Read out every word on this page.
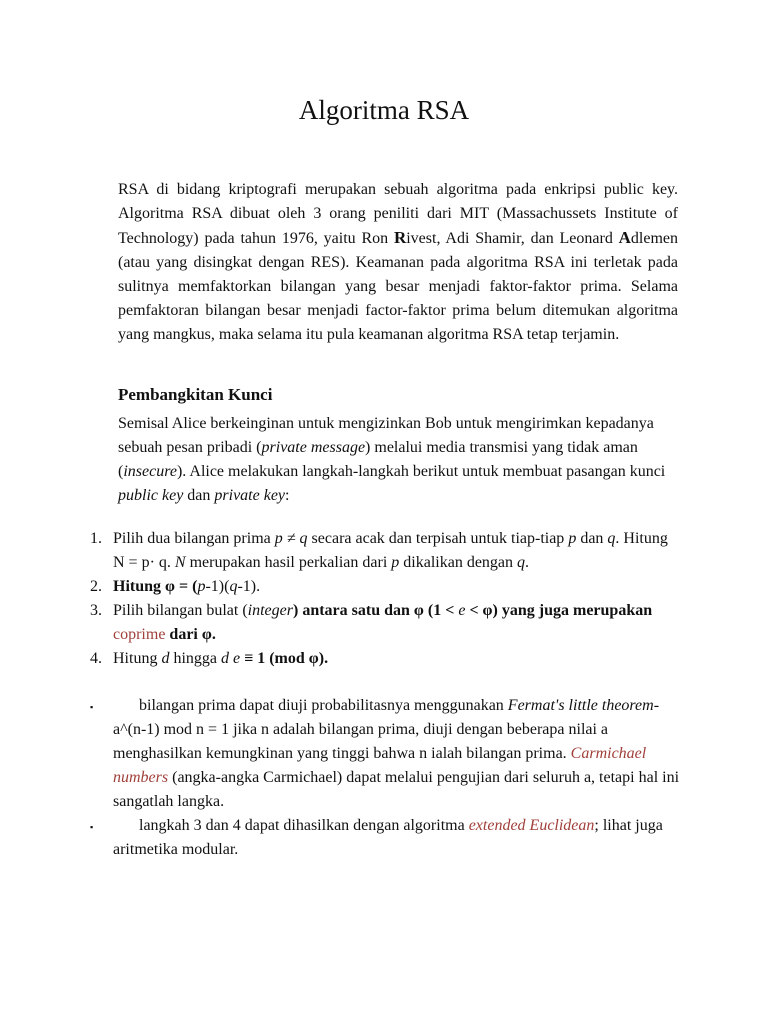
Algoritma RSA

RSA di bidang kriptografi merupakan sebuah algoritma pada enkripsi public key. Algoritma RSA dibuat oleh 3 orang peniliti dari MIT (Massachussets Institute of Technology) pada tahun 1976, yaitu Ron Rivest, Adi Shamir, dan Leonard Adlemen (atau yang disingkat dengan RES). Keamanan pada algoritma RSA ini terletak pada sulitnya memfaktorkan bilangan yang besar menjadi faktor-faktor prima. Selama pemfaktoran bilangan besar menjadi factor-faktor prima belum ditemukan algoritma yang mangkus, maka selama itu pula keamanan algoritma RSA tetap terjamin.

Pembangkitan Kunci

Semisal Alice berkeinginan untuk mengizinkan Bob untuk mengirimkan kepadanya sebuah pesan pribadi (private message) melalui media transmisi yang tidak aman (insecure). Alice melakukan langkah-langkah berikut untuk membuat pasangan kunci public key dan private key:

1. Pilih dua bilangan prima p ≠ q secara acak dan terpisah untuk tiap-tiap p dan q. Hitung N = p· q. N merupakan hasil perkalian dari p dikalikan dengan q.
2. Hitung φ = (p-1)(q-1).
3. Pilih bilangan bulat (integer) antara satu dan φ (1 < e < φ) yang juga merupakan coprime dari φ.
4. Hitung d hingga d e ≡ 1 (mod φ).
▪	bilangan prima dapat diuji probabilitasnya menggunakan Fermat's little theorem- a^(n-1) mod n = 1 jika n adalah bilangan prima, diuji dengan beberapa nilai a menghasilkan kemungkinan yang tinggi bahwa n ialah bilangan prima. Carmichael numbers (angka-angka Carmichael) dapat melalui pengujian dari seluruh a, tetapi hal ini sangatlah langka.
▪	langkah 3 dan 4 dapat dihasilkan dengan algoritma extended Euclidean; lihat juga aritmetika modular.
